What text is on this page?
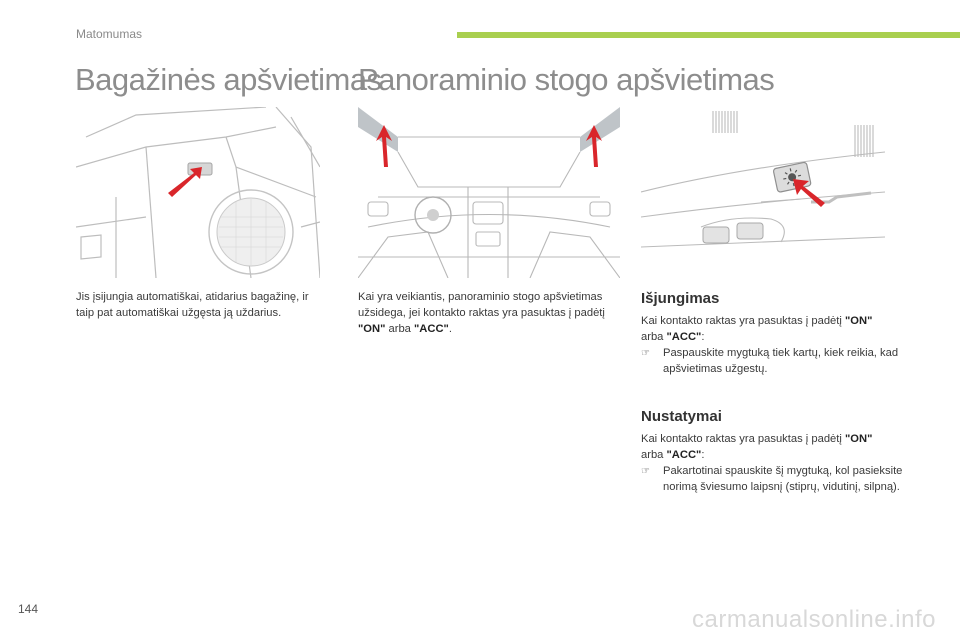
Matomumas
Bagažinės apšvietimas
Panoraminio stogo apšvietimas
Jis įsijungia automatiškai, atidarius bagažinę, ir taip pat automatiškai užgęsta ją uždarius.
Kai yra veikiantis, panoraminio stogo apšvietimas užsidega, jei kontakto raktas yra pasuktas į padėtį "ON" arba "ACC".
Išjungimas
Kai kontakto raktas yra pasuktas į padėtį "ON"
arba "ACC":
☞	Paspauskite mygtuką tiek kartų, kiek reikia, kad apšvietimas užgestų.
Nustatymai
Kai kontakto raktas yra pasuktas į padėtį "ON"
arba "ACC":
☞	Pakartotinai spauskite šį mygtuką, kol pasieksite norimą šviesumo laipsnį (stiprų, vidutinį, silpną).
144	carmanualsonline.info
